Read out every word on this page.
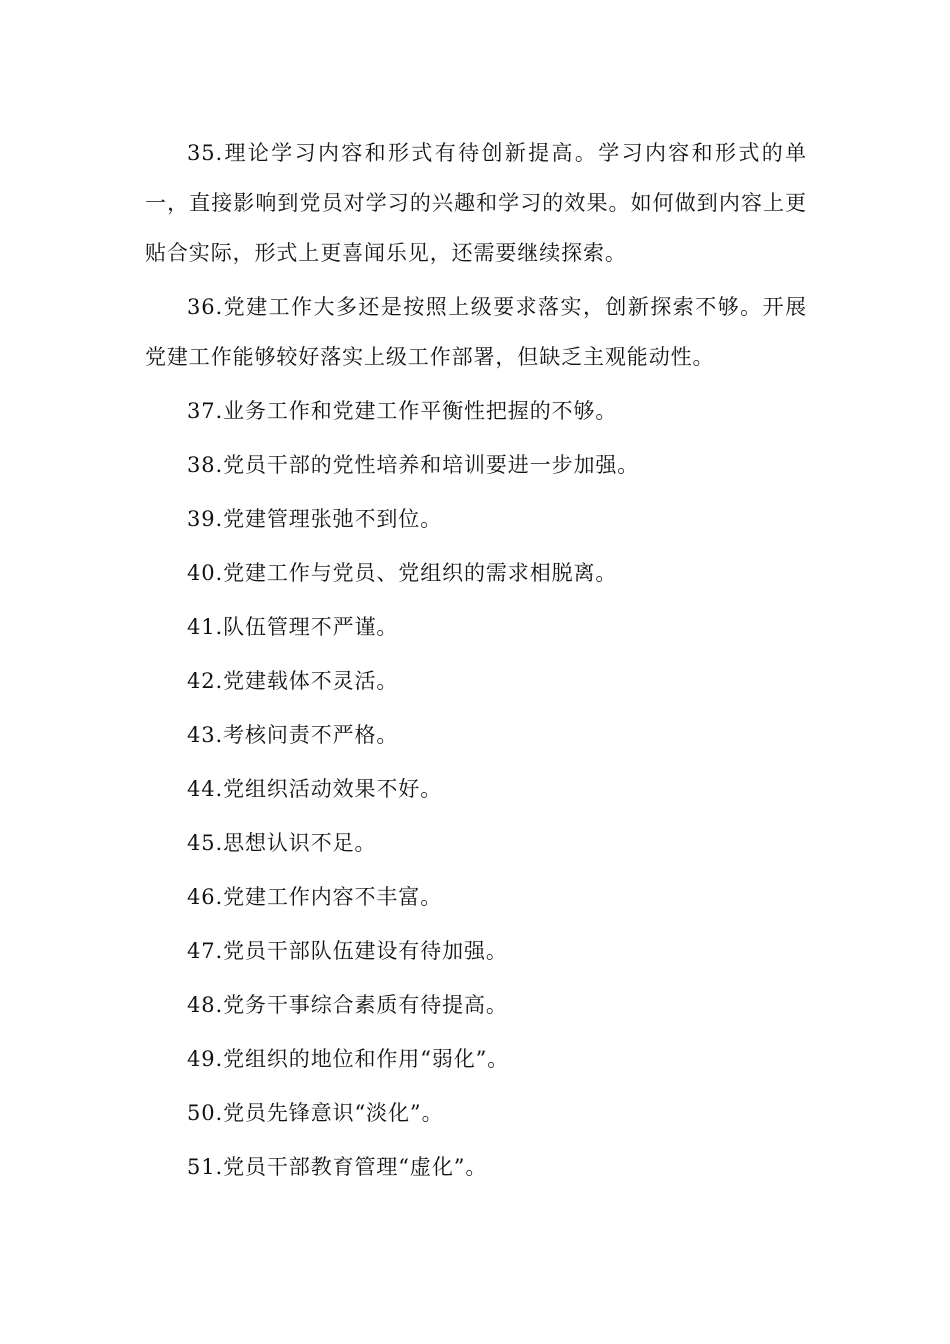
35.理论学习内容和形式有待创新提高。学习内容和形式的单一，直接影响到党员对学习的兴趣和学习的效果。如何做到内容上更贴合实际，形式上更喜闻乐见，还需要继续探索。

36.党建工作大多还是按照上级要求落实，创新探索不够。开展党建工作能够较好落实上级工作部署，但缺乏主观能动性。

37.业务工作和党建工作平衡性把握的不够。

38.党员干部的党性培养和培训要进一步加强。

39.党建管理张弛不到位。

40.党建工作与党员、党组织的需求相脱离。

41.队伍管理不严谨。

42.党建载体不灵活。

43.考核问责不严格。

44.党组织活动效果不好。

45.思想认识不足。

46.党建工作内容不丰富。

47.党员干部队伍建设有待加强。

48.党务干事综合素质有待提高。

49.党组织的地位和作用“弱化”。

50.党员先锋意识“淡化”。

51.党员干部教育管理“虚化”。
